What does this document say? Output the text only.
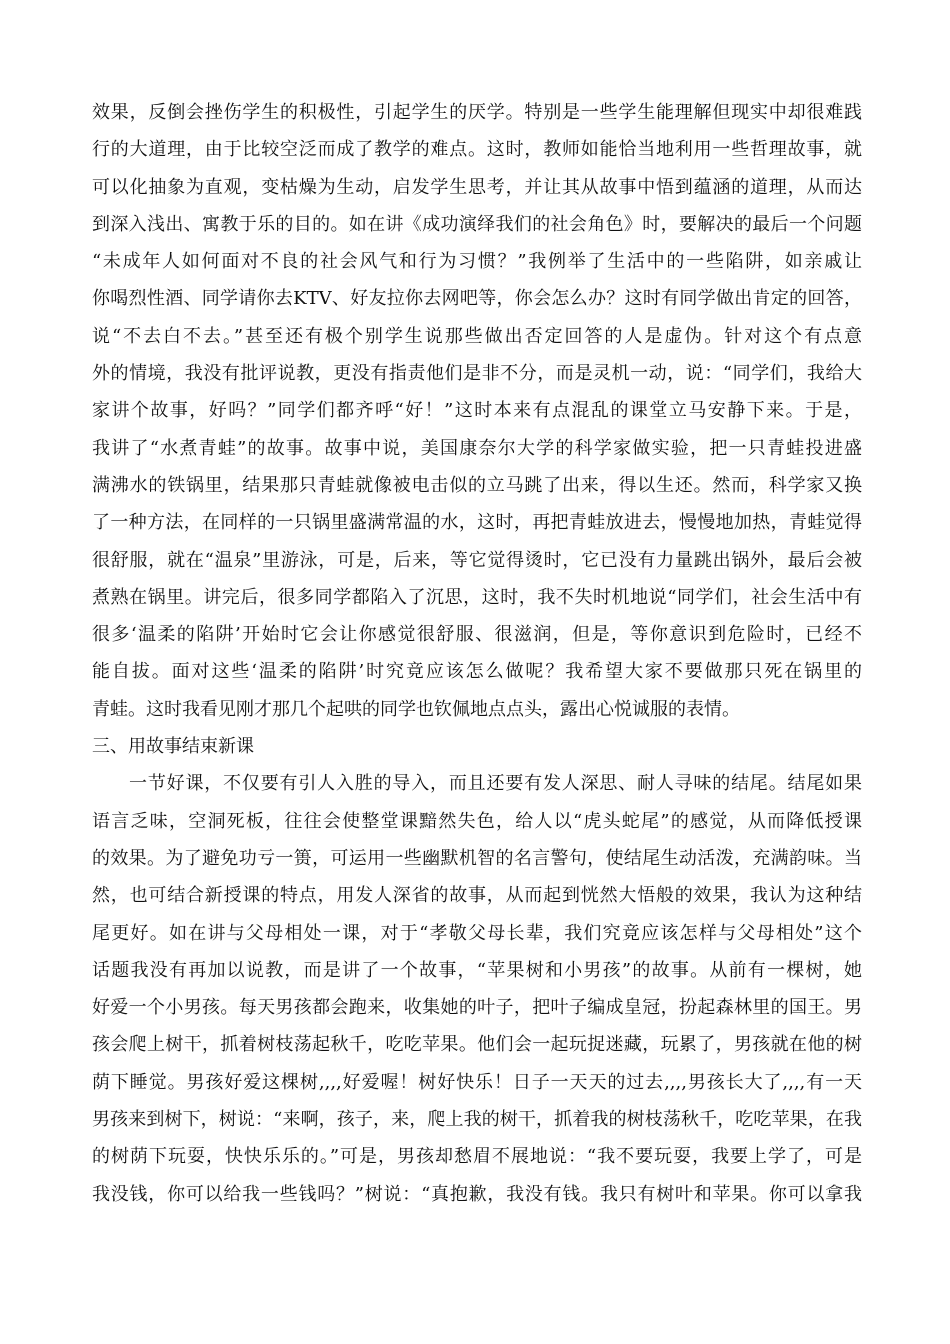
效果，反倒会挫伤学生的积极性，引起学生的厌学。特别是一些学生能理解但现实中却很难践
行的大道理，由于比较空泛而成了教学的难点。这时，教师如能恰当地利用一些哲理故事，就
可以化抽象为直观，变枯燥为生动，启发学生思考，并让其从故事中悟到蕴涵的道理，从而达
到深入浅出、寓教于乐的目的。如在讲《成功演绎我们的社会角色》时，要解决的最后一个问题
“未成年人如何面对不良的社会风气和行为习惯？”我例举了生活中的一些陷阱，如亲戚让
你喝烈性酒、同学请你去KTV、好友拉你去网吧等，你会怎么办？这时有同学做出肯定的回答，
说“不去白不去。”甚至还有极个别学生说那些做出否定回答的人是虚伪。针对这个有点意
外的情境，我没有批评说教，更没有指责他们是非不分，而是灵机一动，说：“同学们，我给大
家讲个故事，好吗？”同学们都齐呼“好！”这时本来有点混乱的课堂立马安静下来。于是，
我讲了“水煮青蛙”的故事。故事中说，美国康奈尔大学的科学家做实验，把一只青蛙投进盛
满沸水的铁锅里，结果那只青蛙就像被电击似的立马跳了出来，得以生还。然而，科学家又换
了一种方法，在同样的一只锅里盛满常温的水，这时，再把青蛙放进去，慢慢地加热，青蛙觉得
很舒服，就在“温泉”里游泳，可是，后来，等它觉得烫时，它已没有力量跳出锅外，最后会被
煮熟在锅里。讲完后，很多同学都陷入了沉思，这时，我不失时机地说“同学们，社会生活中有
很多‘温柔的陷阱’开始时它会让你感觉很舒服、很滋润，但是，等你意识到危险时，已经不
能自拔。面对这些‘温柔的陷阱’时究竟应该怎么做呢？我希望大家不要做那只死在锅里的
青蛙。这时我看见刚才那几个起哄的同学也钦佩地点点头，露出心悦诚服的表情。
三、用故事结束新课
一节好课，不仅要有引人入胜的导入，而且还要有发人深思、耐人寻味的结尾。结尾如果
语言乏味，空洞死板，往往会使整堂课黯然失色，给人以“虎头蛇尾”的感觉，从而降低授课
的效果。为了避免功亏一篑，可运用一些幽默机智的名言警句，使结尾生动活泼，充满韵味。当
然，也可结合新授课的特点，用发人深省的故事，从而起到恍然大悟般的效果，我认为这种结
尾更好。如在讲与父母相处一课，对于“孝敬父母长辈，我们究竟应该怎样与父母相处”这个
话题我没有再加以说教，而是讲了一个故事，“苹果树和小男孩”的故事。从前有一棵树，她
好爱一个小男孩。每天男孩都会跑来，收集她的叶子，把叶子编成皇冠，扮起森林里的国王。男
孩会爬上树干，抓着树枝荡起秋千，吃吃苹果。他们会一起玩捉迷藏，玩累了，男孩就在他的树
荫下睡觉。男孩好爱这棵树,,,,好爱喔！树好快乐！日子一天天的过去,,,,男孩长大了,,,,有一天
男孩来到树下，树说：“来啊，孩子，来，爬上我的树干，抓着我的树枝荡秋千，吃吃苹果，在我
的树荫下玩耍，快快乐乐的。”可是，男孩却愁眉不展地说：“我不要玩耍，我要上学了，可是
我没钱，你可以给我一些钱吗？”树说：“真抱歉，我没有钱。我只有树叶和苹果。你可以拿我
